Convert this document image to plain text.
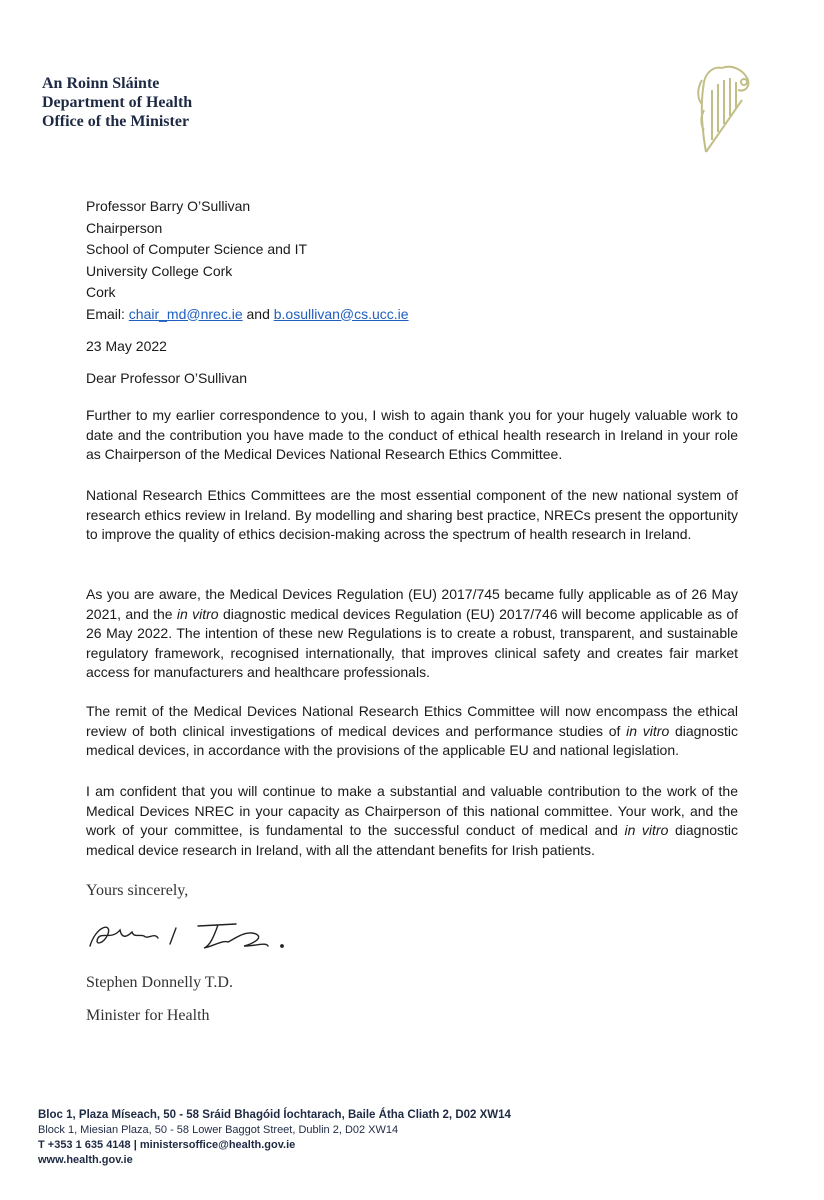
An Roinn Sláinte
Department of Health
Office of the Minister
Professor Barry O’Sullivan
Chairperson
School of Computer Science and IT
University College Cork
Cork
Email: chair_md@nrec.ie and b.osullivan@cs.ucc.ie
23 May 2022
Dear Professor O’Sullivan
Further to my earlier correspondence to you, I wish to again thank you for your hugely valuable work to date and the contribution you have made to the conduct of ethical health research in Ireland in your role as Chairperson of the Medical Devices National Research Ethics Committee.
National Research Ethics Committees are the most essential component of the new national system of research ethics review in Ireland. By modelling and sharing best practice, NRECs present the opportunity to improve the quality of ethics decision-making across the spectrum of health research in Ireland.
As you are aware, the Medical Devices Regulation (EU) 2017/745 became fully applicable as of 26 May 2021, and the in vitro diagnostic medical devices Regulation (EU) 2017/746 will become applicable as of 26 May 2022. The intention of these new Regulations is to create a robust, transparent, and sustainable regulatory framework, recognised internationally, that improves clinical safety and creates fair market access for manufacturers and healthcare professionals.
The remit of the Medical Devices National Research Ethics Committee will now encompass the ethical review of both clinical investigations of medical devices and performance studies of in vitro diagnostic medical devices, in accordance with the provisions of the applicable EU and national legislation.
I am confident that you will continue to make a substantial and valuable contribution to the work of the Medical Devices NREC in your capacity as Chairperson of this national committee. Your work, and the work of your committee, is fundamental to the successful conduct of medical and in vitro diagnostic medical device research in Ireland, with all the attendant benefits for Irish patients.
Yours sincerely,
Stephen Donnelly T.D.
Minister for Health
Bloc 1, Plaza Míseach, 50 - 58 Sráid Bhagóid Íochtarach, Baile Átha Cliath 2, D02 XW14
Block 1, Miesian Plaza, 50 - 58 Lower Baggot Street, Dublin 2, D02 XW14
T +353 1 635 4148 | ministersoffice@health.gov.ie
www.health.gov.ie
